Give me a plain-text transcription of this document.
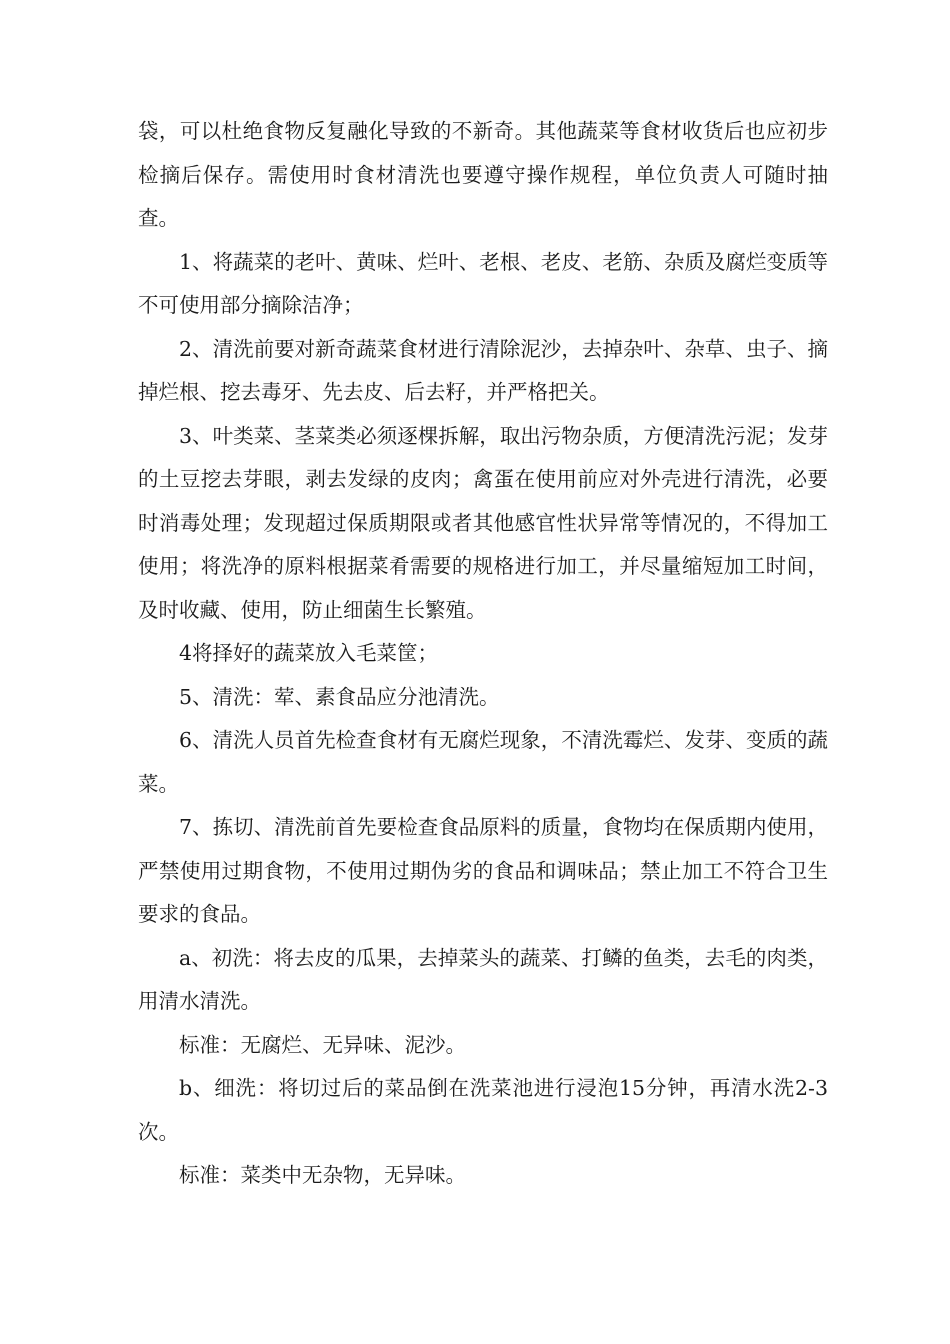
袋，可以杜绝食物反复融化导致的不新奇。其他蔬菜等食材收货后也应初步检摘后保存。需使用时食材清洗也要遵守操作规程，单位负责人可随时抽查。

1、将蔬菜的老叶、黄味、烂叶、老根、老皮、老筋、杂质及腐烂变质等不可使用部分摘除洁净；

2、清洗前要对新奇蔬菜食材进行清除泥沙，去掉杂叶、杂草、虫子、摘掉烂根、挖去毒牙、先去皮、后去籽，并严格把关。

3、叶类菜、茎菜类必须逐棵拆解，取出污物杂质，方便清洗污泥；发芽的土豆挖去芽眼，剥去发绿的皮肉；禽蛋在使用前应对外壳进行清洗，必要时消毒处理；发现超过保质期限或者其他感官性状异常等情况的，不得加工使用；将洗净的原料根据菜肴需要的规格进行加工，并尽量缩短加工时间，及时收藏、使用，防止细菌生长繁殖。

4将择好的蔬菜放入毛菜筐；

5、清洗：荤、素食品应分池清洗。

6、清洗人员首先检查食材有无腐烂现象，不清洗霉烂、发芽、变质的蔬菜。

7、拣切、清洗前首先要检查食品原料的质量，食物均在保质期内使用，严禁使用过期食物，不使用过期伪劣的食品和调味品；禁止加工不符合卫生要求的食品。

a、初洗：将去皮的瓜果，去掉菜头的蔬菜、打鳞的鱼类，去毛的肉类，用清水清洗。

标准：无腐烂、无异味、泥沙。

b、细洗：将切过后的菜品倒在洗菜池进行浸泡15分钟，再清水洗2-3次。

标准：菜类中无杂物，无异味。
